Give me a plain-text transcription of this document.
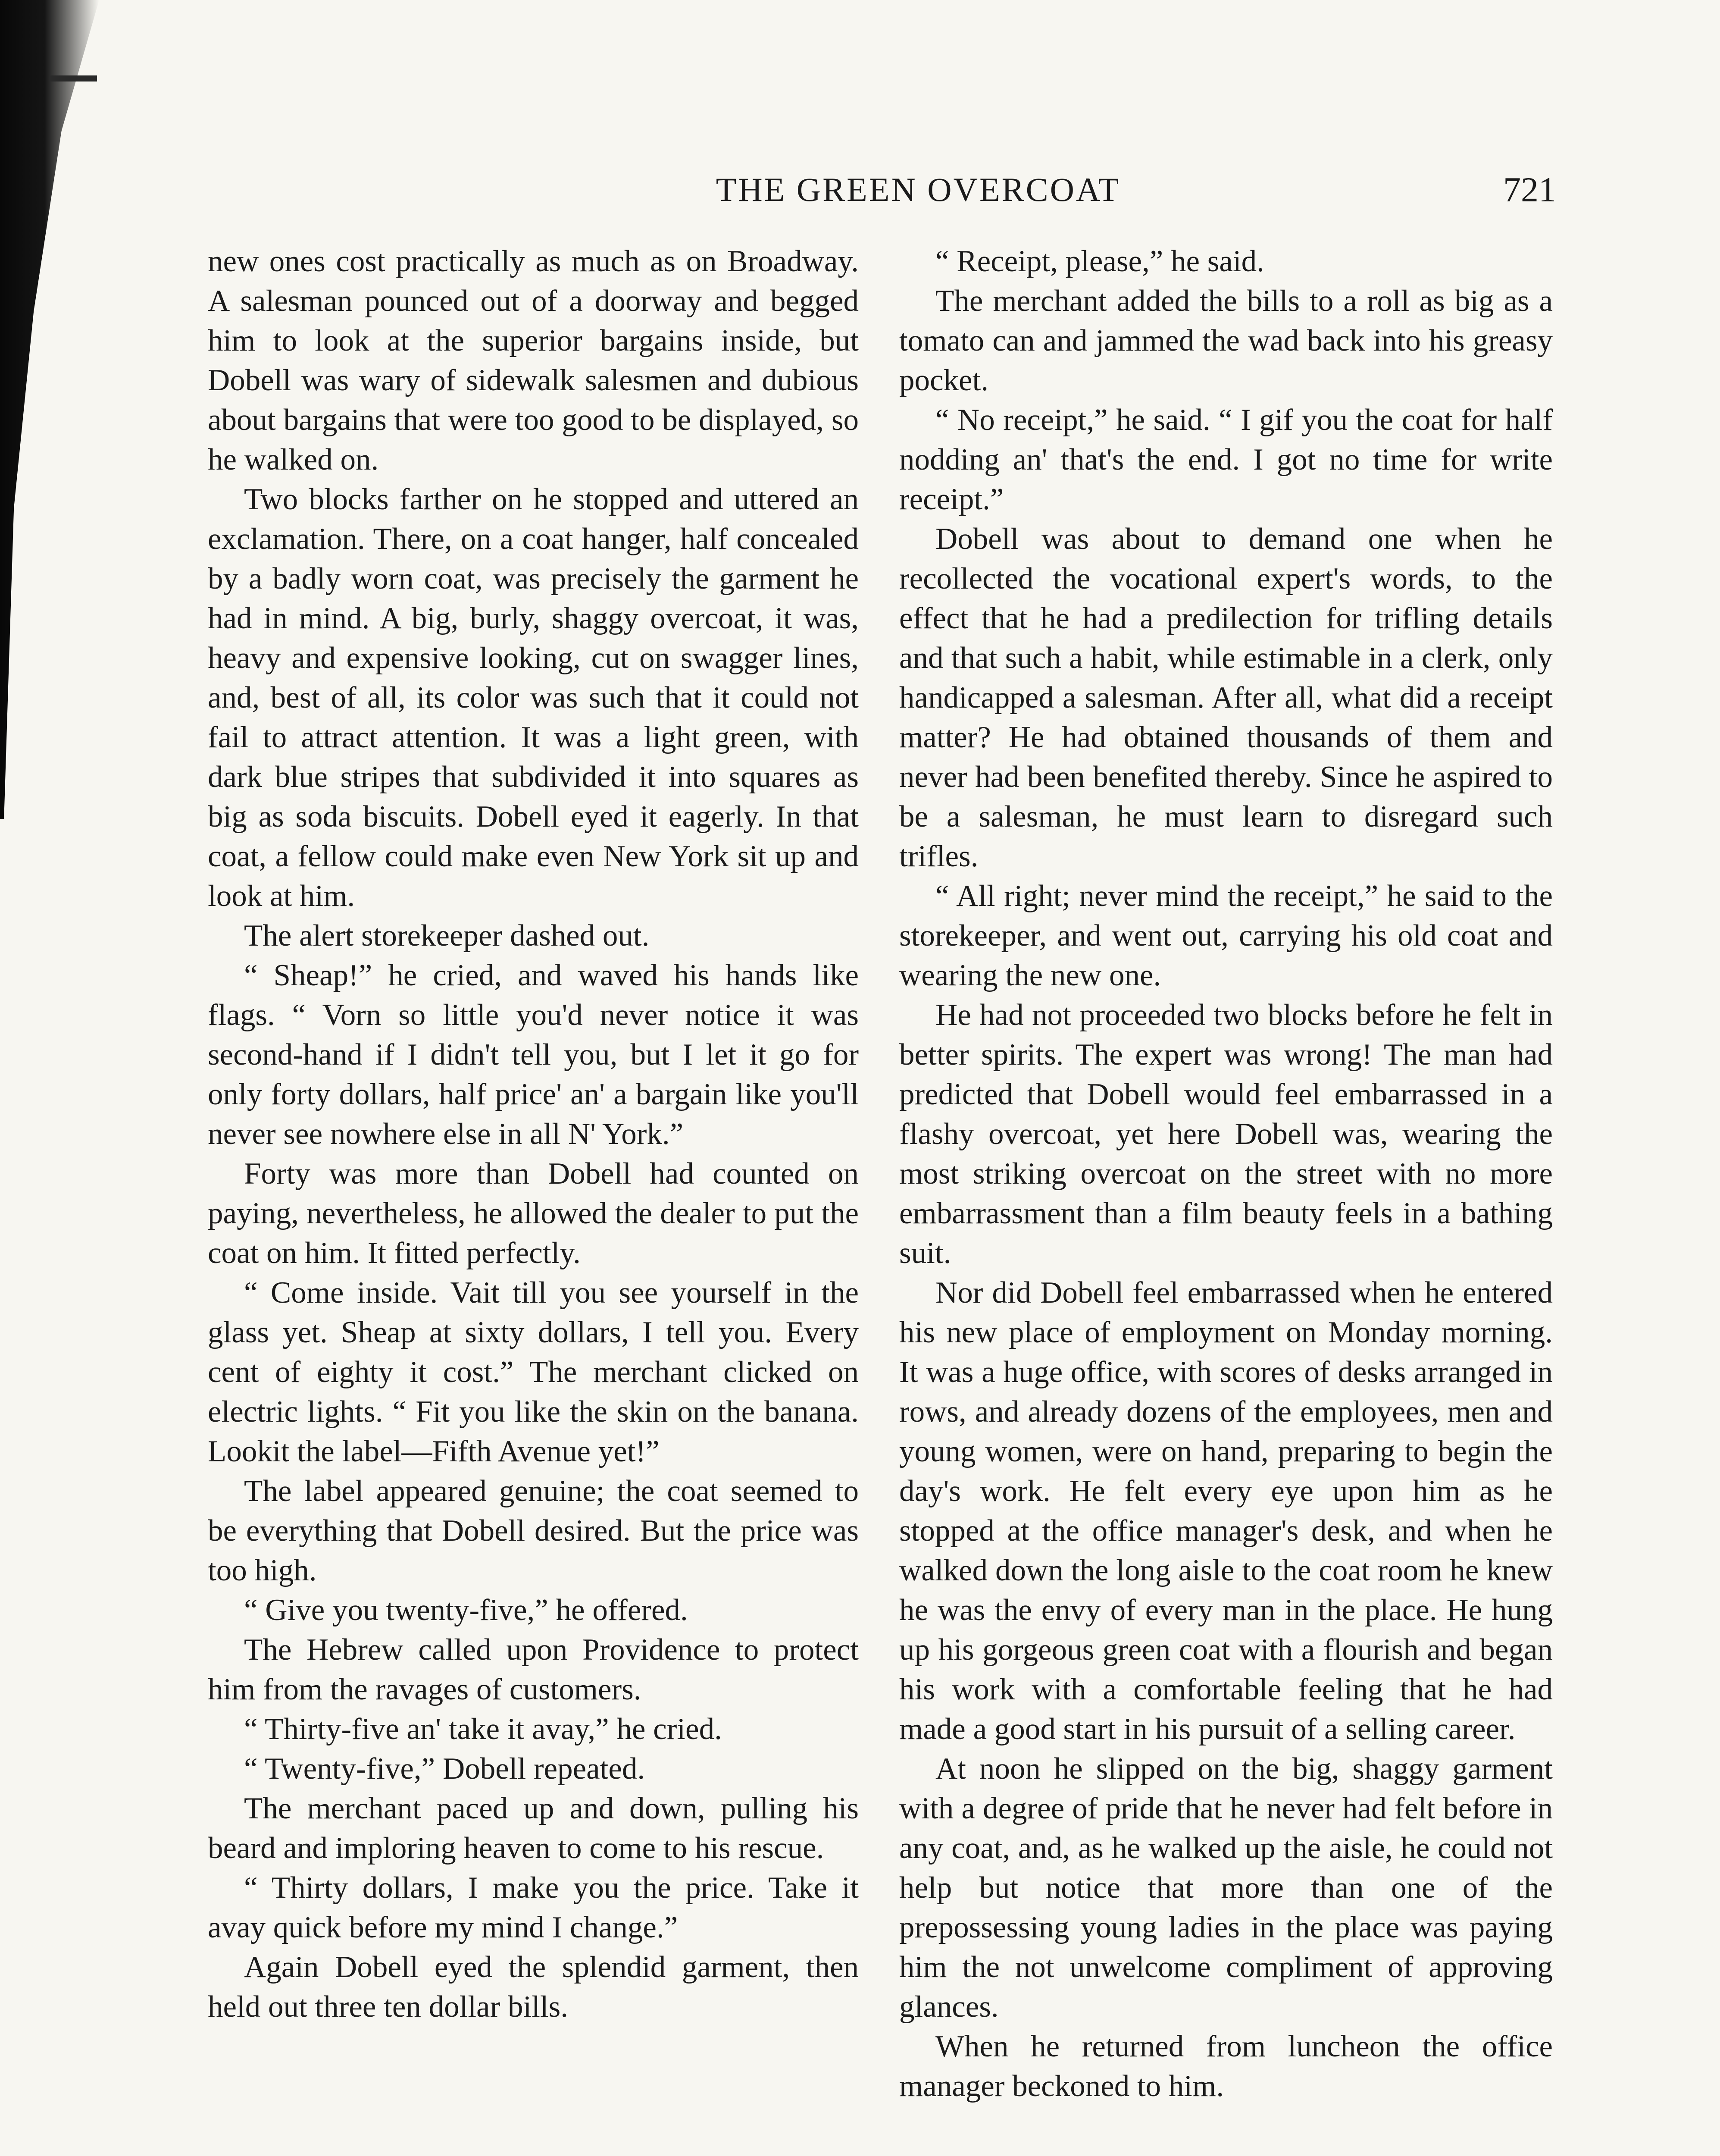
THE GREEN OVERCOAT	721

new ones cost practically as much as on Broadway. A salesman pounced out of a doorway and begged him to look at the superior bargains inside, but Dobell was wary of sidewalk salesmen and dubious about bargains that were too good to be displayed, so he walked on.

Two blocks farther on he stopped and uttered an exclamation. There, on a coat hanger, half concealed by a badly worn coat, was precisely the garment he had in mind. A big, burly, shaggy overcoat, it was, heavy and expensive looking, cut on swagger lines, and, best of all, its color was such that it could not fail to attract attention. It was a light green, with dark blue stripes that subdivided it into squares as big as soda biscuits. Dobell eyed it eagerly. In that coat, a fellow could make even New York sit up and look at him.

The alert storekeeper dashed out.

“ Sheap!” he cried, and waved his hands like flags. “ Vorn so little you'd never notice it was second-hand if I didn't tell you, but I let it go for only forty dollars, half price' an' a bargain like you'll never see nowhere else in all N' York.”

Forty was more than Dobell had counted on paying, nevertheless, he allowed the dealer to put the coat on him. It fitted perfectly.

“ Come inside. Vait till you see yourself in the glass yet. Sheap at sixty dollars, I tell you. Every cent of eighty it cost.” The merchant clicked on electric lights. “ Fit you like the skin on the banana. Lookit the label—Fifth Avenue yet!”

The label appeared genuine; the coat seemed to be everything that Dobell desired. But the price was too high.

“ Give you twenty-five,” he offered.

The Hebrew called upon Providence to protect him from the ravages of customers.

“ Thirty-five an' take it avay,” he cried.

“ Twenty-five,” Dobell repeated.

The merchant paced up and down, pulling his beard and imploring heaven to come to his rescue.

“ Thirty dollars, I make you the price. Take it avay quick before my mind I change.”

Again Dobell eyed the splendid garment, then held out three ten dollar bills.

“ Receipt, please,” he said.

The merchant added the bills to a roll as big as a tomato can and jammed the wad back into his greasy pocket.

“ No receipt,” he said. “ I gif you the coat for half nodding an' that's the end. I got no time for write receipt.”

Dobell was about to demand one when he recollected the vocational expert's words, to the effect that he had a predilection for trifling details and that such a habit, while estimable in a clerk, only handicapped a salesman. After all, what did a receipt matter? He had obtained thousands of them and never had been benefited thereby. Since he aspired to be a salesman, he must learn to disregard such trifles.

“ All right; never mind the receipt,” he said to the storekeeper, and went out, carrying his old coat and wearing the new one.

He had not proceeded two blocks before he felt in better spirits. The expert was wrong! The man had predicted that Dobell would feel embarrassed in a flashy overcoat, yet here Dobell was, wearing the most striking overcoat on the street with no more embarrassment than a film beauty feels in a bathing suit.

Nor did Dobell feel embarrassed when he entered his new place of employment on Monday morning. It was a huge office, with scores of desks arranged in rows, and already dozens of the employees, men and young women, were on hand, preparing to begin the day's work. He felt every eye upon him as he stopped at the office manager's desk, and when he walked down the long aisle to the coat room he knew he was the envy of every man in the place. He hung up his gorgeous green coat with a flourish and began his work with a comfortable feeling that he had made a good start in his pursuit of a selling career.

At noon he slipped on the big, shaggy garment with a degree of pride that he never had felt before in any coat, and, as he walked up the aisle, he could not help but notice that more than one of the prepossessing young ladies in the place was paying him the not unwelcome compliment of approving glances.

When he returned from luncheon the office manager beckoned to him.
